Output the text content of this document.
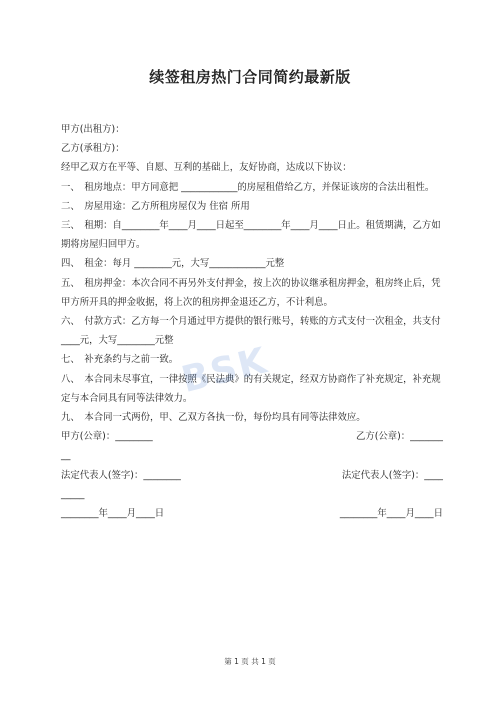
续签租房热门合同简约最新版
甲方(出租方)：
乙方(承租方)：
经甲乙双方在平等、自愿、互利的基础上，友好协商，达成以下协议：
一、　租房地点：甲方同意把 ____________的房屋租借给乙方，并保证该房的合法出租性。
二、　房屋用途：乙方所租房屋仅为 住宿 所用
三、　租期：自________年____月____日起至________年____月____日止。租赁期满，乙方如期将房屋归回甲方。
四、　租金：每月 ________元，大写____________元整
五、　租房押金：本次合同不再另外支付押金，按上次的协议继承租房押金，租房终止后，凭甲方所开具的押金收据，将上次的租房押金退还乙方，不计利息。
六、　付款方式：乙方每一个月通过甲方提供的银行账号，转账的方式支付一次租金，共支付____元，大写________元整
七、　补充条约与之前一致。
八、　本合同未尽事宜，一律按照《民法典》的有关规定，经双方协商作了补充规定，补充规定与本合同具有同等法律效力。
九、　本合同一式两份，甲、乙双方各执一份，每份均具有同等法律效应。
甲方(公章)：________	乙方(公章)：_______
__
法定代表人(签字)：________	法定代表人(签字)：____
_____
________年____月____日	________年____月____日
BSK
第 1 页 共 1 页
